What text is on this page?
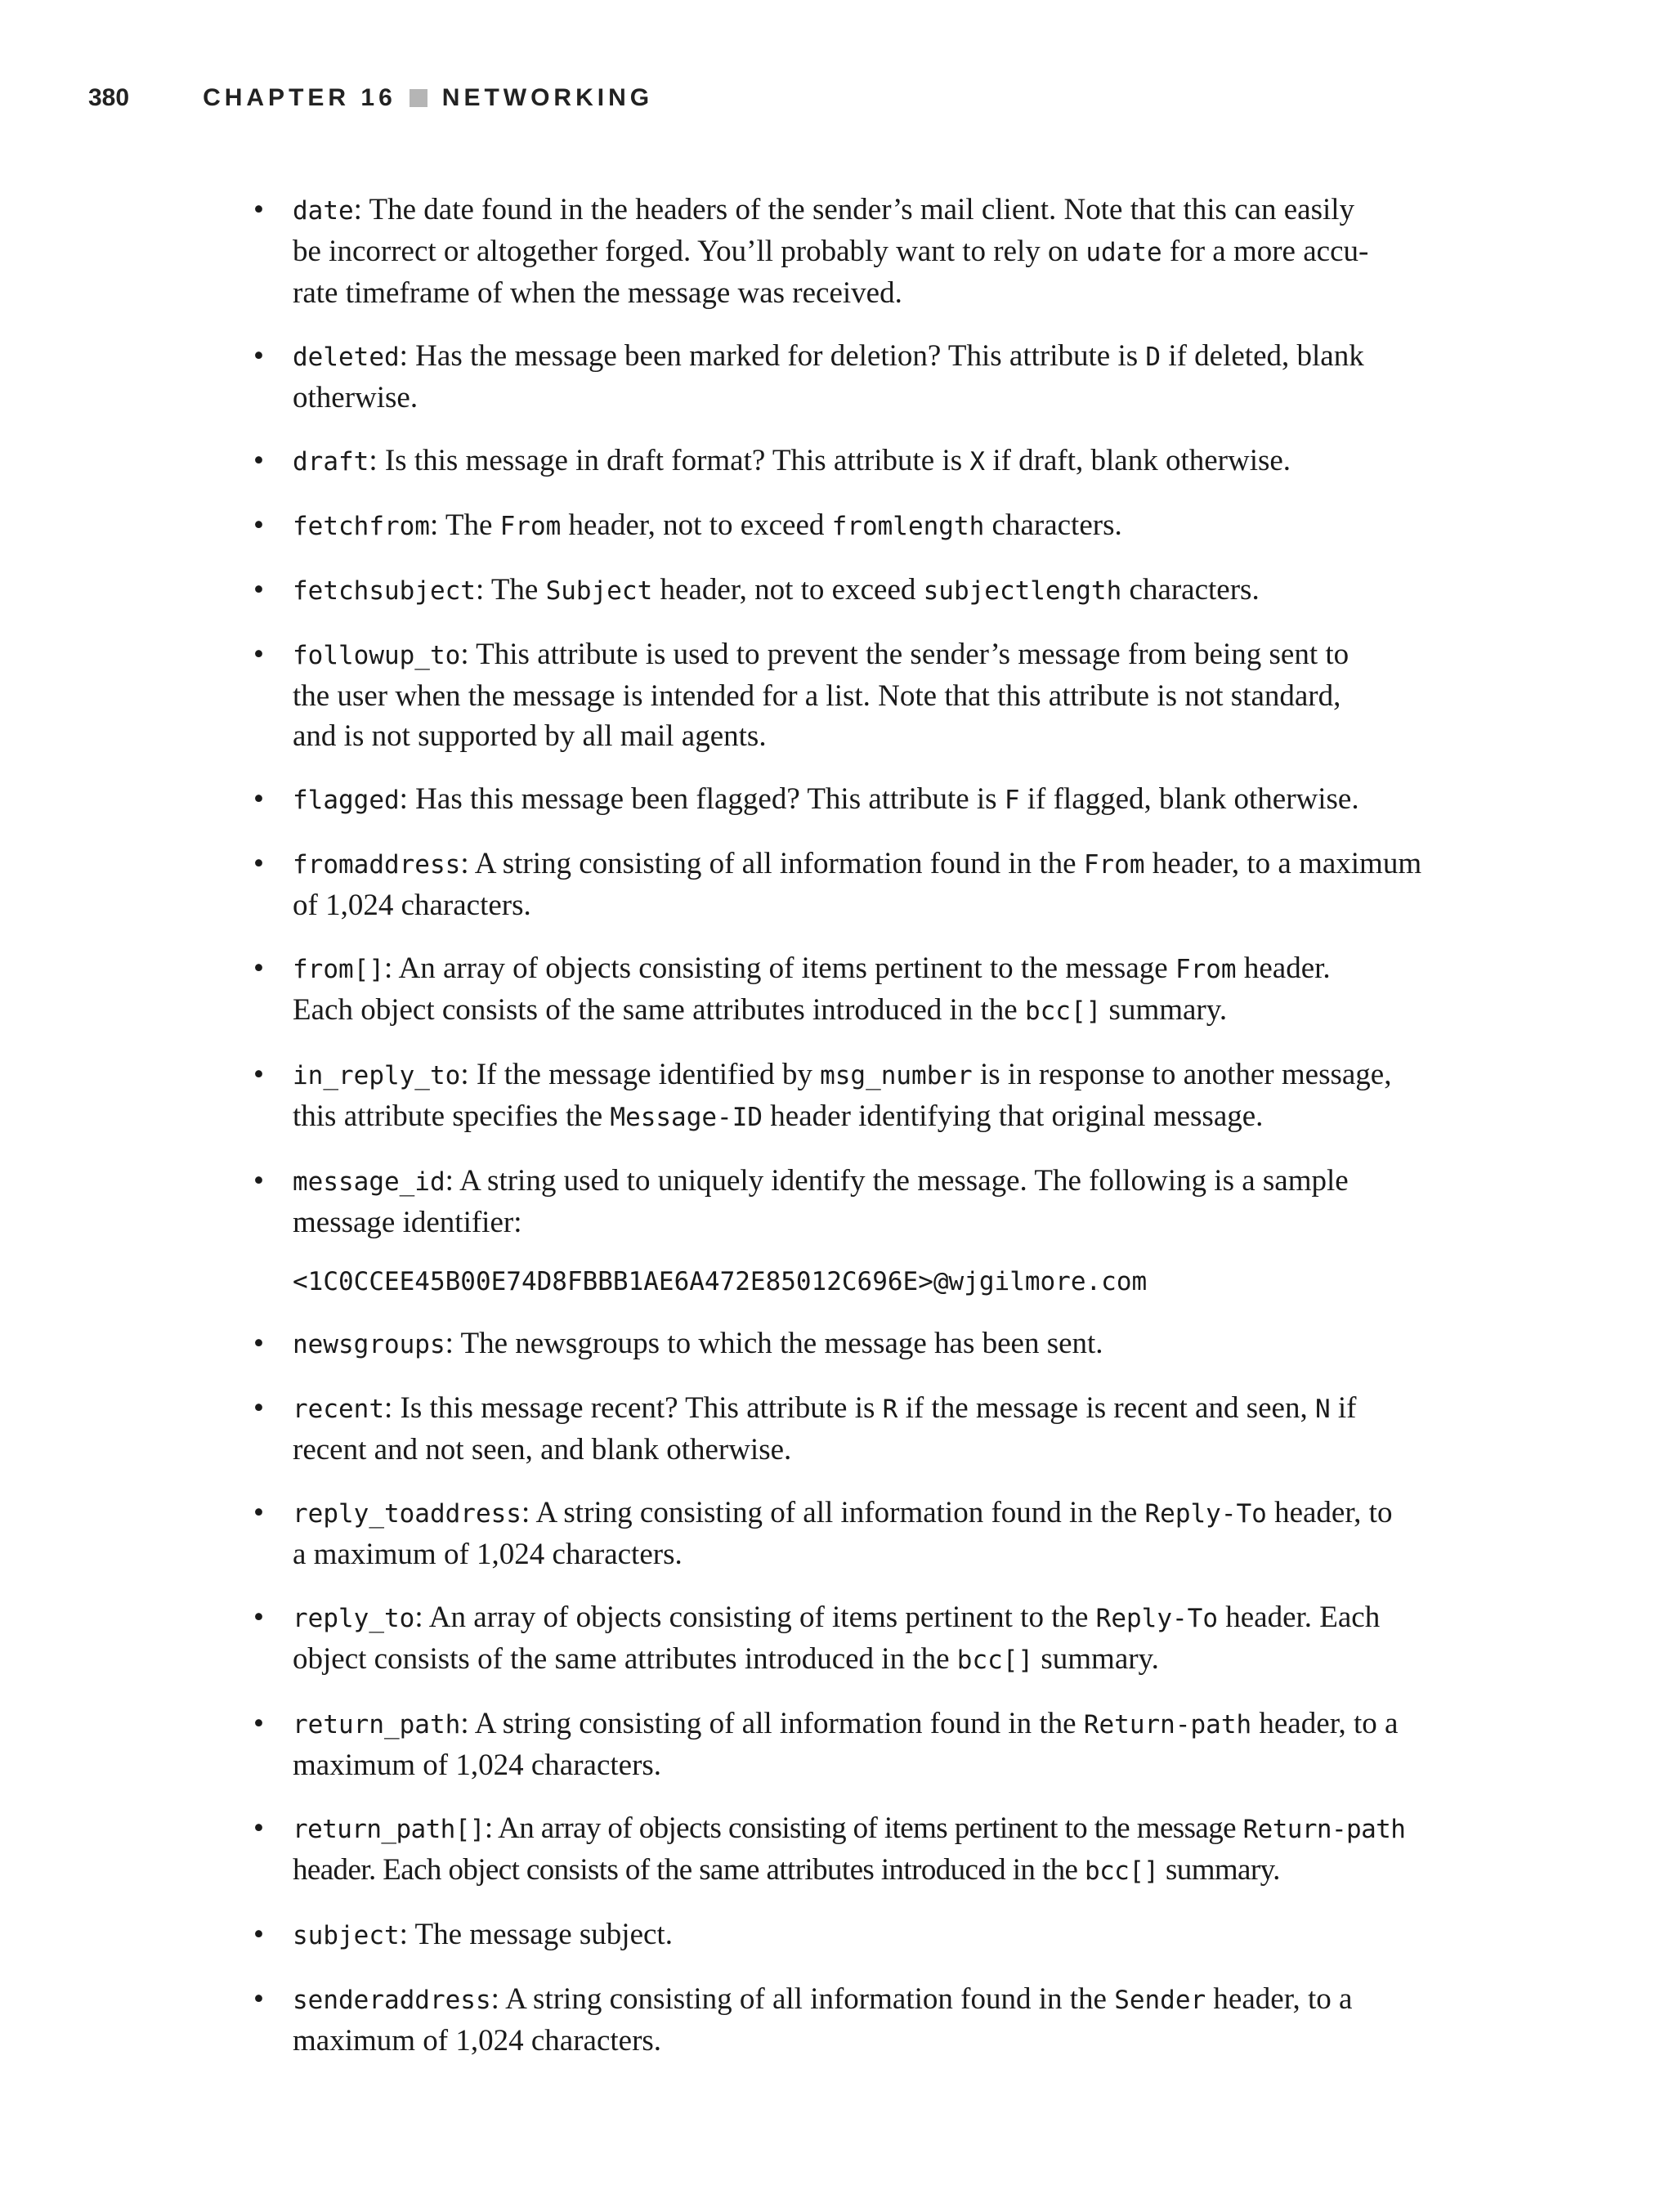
380	CHAPTER 16 NETWORKING
• date: The date found in the headers of the sender’s mail client. Note that this can easily
be incorrect or altogether forged. You’ll probably want to rely on udate for a more accu-
rate timeframe of when the message was received.
• deleted: Has the message been marked for deletion? This attribute is D if deleted, blank
otherwise.
• draft: Is this message in draft format? This attribute is X if draft, blank otherwise.
• fetchfrom: The From header, not to exceed fromlength characters.
• fetchsubject: The Subject header, not to exceed subjectlength characters.
• followup_to: This attribute is used to prevent the sender’s message from being sent to
the user when the message is intended for a list. Note that this attribute is not standard,
and is not supported by all mail agents.
• flagged: Has this message been flagged? This attribute is F if flagged, blank otherwise.
• fromaddress: A string consisting of all information found in the From header, to a maximum
of 1,024 characters.
• from[]: An array of objects consisting of items pertinent to the message From header.
Each object consists of the same attributes introduced in the bcc[] summary.
• in_reply_to: If the message identified by msg_number is in response to another message,
this attribute specifies the Message-ID header identifying that original message.
• message_id: A string used to uniquely identify the message. The following is a sample
message identifier:
<1C0CCEE45B00E74D8FBBB1AE6A472E85012C696E>@wjgilmore.com
• newsgroups: The newsgroups to which the message has been sent.
• recent: Is this message recent? This attribute is R if the message is recent and seen, N if
recent and not seen, and blank otherwise.
• reply_toaddress: A string consisting of all information found in the Reply-To header, to
a maximum of 1,024 characters.
• reply_to: An array of objects consisting of items pertinent to the Reply-To header. Each
object consists of the same attributes introduced in the bcc[] summary.
• return_path: A string consisting of all information found in the Return-path header, to a
maximum of 1,024 characters.
• return_path[]: An array of objects consisting of items pertinent to the message Return-path
header. Each object consists of the same attributes introduced in the bcc[] summary.
• subject: The message subject.
• senderaddress: A string consisting of all information found in the Sender header, to a
maximum of 1,024 characters.
